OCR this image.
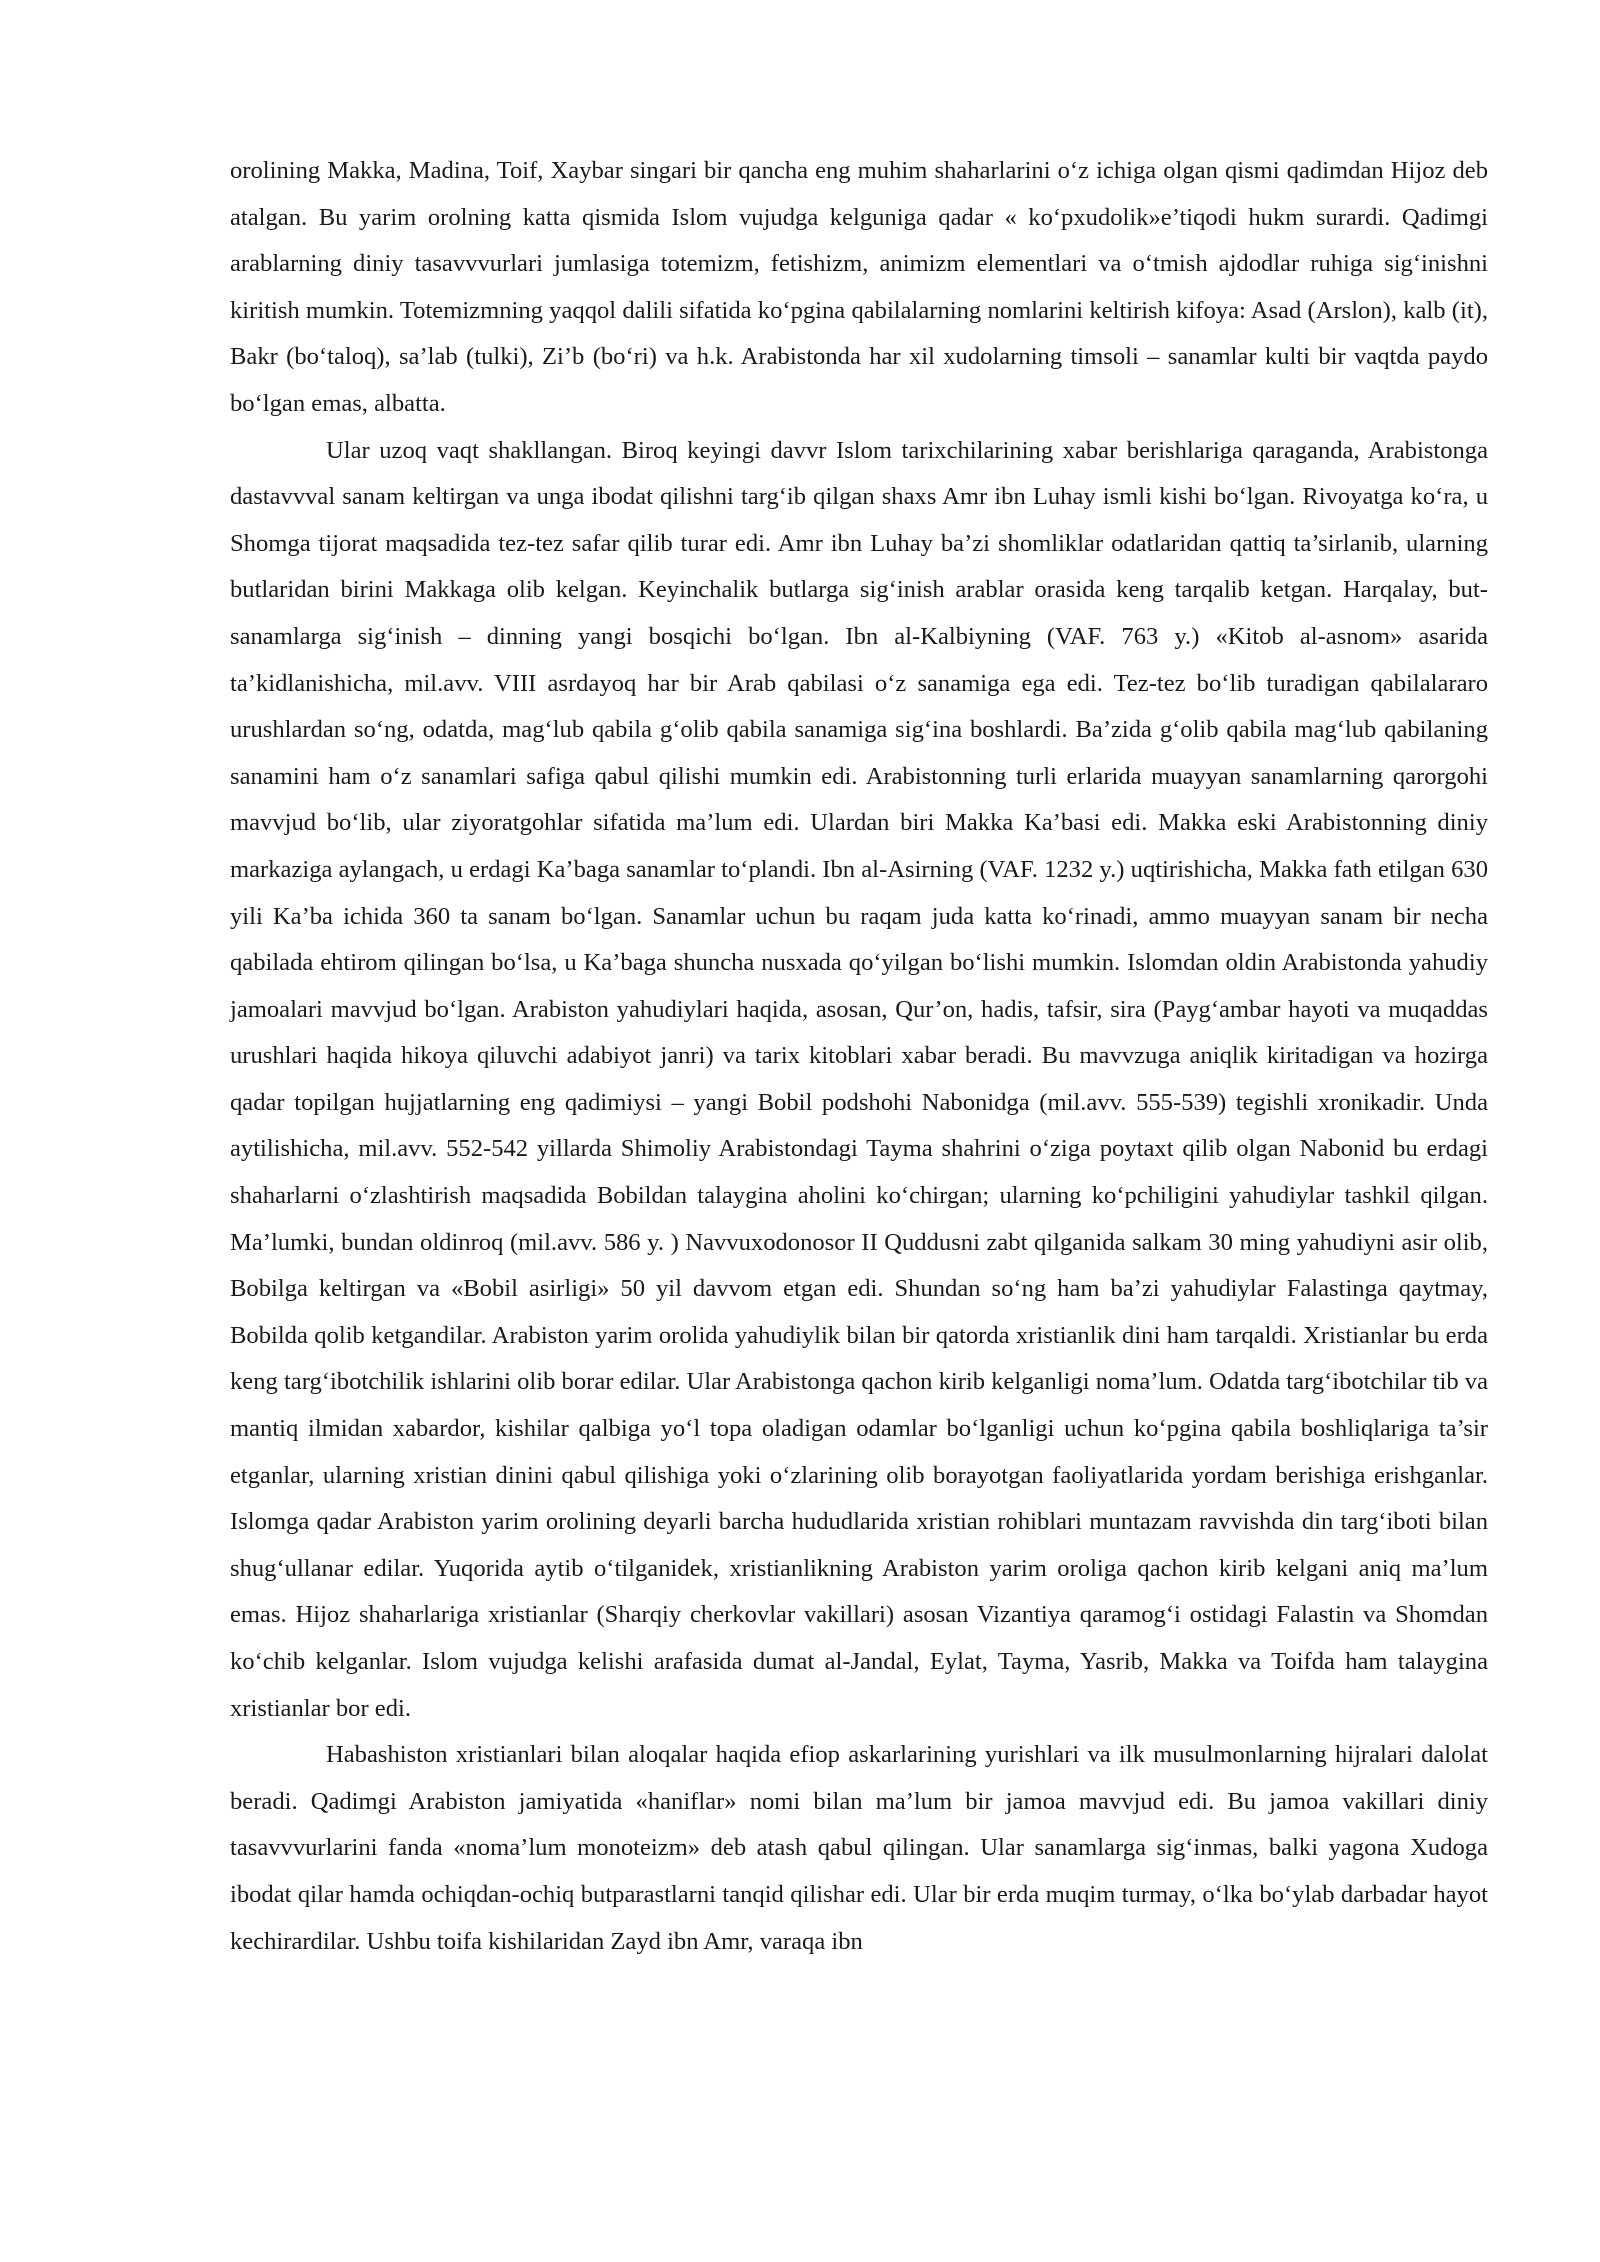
orolining Makka, Madina, Toif, Xaybar singari bir qancha eng muhim shaharlarini o‘z ichiga olgan qismi qadimdan Hijoz deb atalgan. Bu yarim orolning katta qismida Islom vujudga kelguniga qadar « ko‘pxudolik»e’tiqodi hukm surardi. Qadimgi arablarning diniy tasavvvurlari jumlasiga totemizm, fetishizm, animizm elementlari va o‘tmish ajdodlar ruhiga sig‘inishni kiritish mumkin. Totemizmning yaqqol dalili sifatida ko‘pgina qabilalarning nomlarini keltirish kifoya: Asad (Arslon), kalb (it), Bakr (bo‘taloq), sa’lab (tulki), Zi’b (bo‘ri) va h.k. Arabistonda har xil xudolarning timsoli – sanamlar kulti bir vaqtda paydo bo‘lgan emas, albatta.

Ular uzoq vaqt shakllangan. Biroq keyingi davvr Islom tarixchilarining xabar berishlariga qaraganda, Arabistonga dastavvval sanam keltirgan va unga ibodat qilishni targ‘ib qilgan shaxs Amr ibn Luhay ismli kishi bo‘lgan. Rivoyatga ko‘ra, u Shomga tijorat maqsadida tez-tez safar qilib turar edi. Amr ibn Luhay ba’zi shomliklar odatlaridan qattiq ta’sirlanib, ularning butlaridan birini Makkaga olib kelgan. Keyinchalik butlarga sig‘inish arablar orasida keng tarqalib ketgan. Harqalay, but-sanamlarga sig‘inish – dinning yangi bosqichi bo‘lgan. Ibn al-Kalbiyning (VAF. 763 y.) «Kitob al-asnom» asarida ta’kidlanishicha, mil.avv. VIII asrdayoq har bir Arab qabilasi o‘z sanamiga ega edi. Tez-tez bo‘lib turadigan qabilalararo urushlardan so‘ng, odatda, mag‘lub qabila g‘olib qabila sanamiga sig‘ina boshlardi. Ba’zida g‘olib qabila mag‘lub qabilaning sanamini ham o‘z sanamlari safiga qabul qilishi mumkin edi. Arabistonning turli erlarida muayyan sanamlarning qarorgohi mavvjud bo‘lib, ular ziyoratgohlar sifatida ma’lum edi. Ulardan biri Makka Ka’basi edi. Makka eski Arabistonning diniy markaziga aylangach, u erdagi Ka’baga sanamlar to‘plandi. Ibn al-Asirning (VAF. 1232 y.) uqtirishicha, Makka fath etilgan 630 yili Ka’ba ichida 360 ta sanam bo‘lgan. Sanamlar uchun bu raqam juda katta ko‘rinadi, ammo muayyan sanam bir necha qabilada ehtirom qilingan bo‘lsa, u Ka’baga shuncha nusxada qo‘yilgan bo‘lishi mumkin. Islomdan oldin Arabistonda yahudiy jamoalari mavvjud bo‘lgan. Arabiston yahudiylari haqida, asosan, Qur’on, hadis, tafsir, sira (Payg‘ambar hayoti va muqaddas urushlari haqida hikoya qiluvchi adabiyot janri) va tarix kitoblari xabar beradi. Bu mavvzuga aniqlik kiritadigan va hozirga qadar topilgan hujjatlarning eng qadimiysi – yangi Bobil podshohi Nabonidga (mil.avv. 555-539) tegishli xronikadir. Unda aytilishicha, mil.avv. 552-542 yillarda Shimoliy Arabistondagi Tayma shahrini o‘ziga poytaxt qilib olgan Nabonid bu erdagi shaharlarni o‘zlashtirish maqsadida Bobildan talaygina aholini ko‘chirgan; ularning ko‘pchiligini yahudiylar tashkil qilgan. Ma’lumki, bundan oldinroq (mil.avv. 586 y. ) Navvuxodonosor II Quddusni zabt qilganida salkam 30 ming yahudiyni asir olib, Bobilga keltirgan va «Bobil asirligi» 50 yil davvom etgan edi. Shundan so‘ng ham ba’zi yahudiylar Falastinga qaytmay, Bobilda qolib ketgandilar. Arabiston yarim orolida yahudiylik bilan bir qatorda xristianlik dini ham tarqaldi. Xristianlar bu erda keng targ‘ibotchilik ishlarini olib borar edilar. Ular Arabistonga qachon kirib kelganligi noma’lum. Odatda targ‘ibotchilar tib va mantiq ilmidan xabardor, kishilar qalbiga yo‘l topa oladigan odamlar bo‘lganligi uchun ko‘pgina qabila boshliqlariga ta’sir etganlar, ularning xristian dinini qabul qilishiga yoki o‘zlarining olib borayotgan faoliyatlarida yordam berishiga erishganlar. Islomga qadar Arabiston yarim orolining deyarli barcha hududlarida xristian rohiblari muntazam ravvishda din targ‘iboti bilan shug‘ullanar edilar. Yuqorida aytib o‘tilganidek, xristianlikning Arabiston yarim oroliga qachon kirib kelgani aniq ma’lum emas. Hijoz shaharlariga xristianlar (Sharqiy cherkovlar vakillari) asosan Vizantiya qaramog‘i ostidagi Falastin va Shomdan ko‘chib kelganlar. Islom vujudga kelishi arafasida dumat al-Jandal, Eylat, Tayma, Yasrib, Makka va Toifda ham talaygina xristianlar bor edi.

Habashiston xristianlari bilan aloqalar haqida efiop askarlarining yurishlari va ilk musulmonlarning hijralari dalolat beradi. Qadimgi Arabiston jamiyatida «haniflar» nomi bilan ma’lum bir jamoa mavvjud edi. Bu jamoa vakillari diniy tasavvvurlarini fanda «noma’lum monoteizm» deb atash qabul qilingan. Ular sanamlarga sig‘inmas, balki yagona Xudoga ibodat qilar hamda ochiqdan-ochiq butparastlarni tanqid qilishar edi. Ular bir erda muqim turmay, o‘lka bo‘ylab darbadar hayot kechirardilar. Ushbu toifa kishilaridan Zayd ibn Amr, varaqa ibn
